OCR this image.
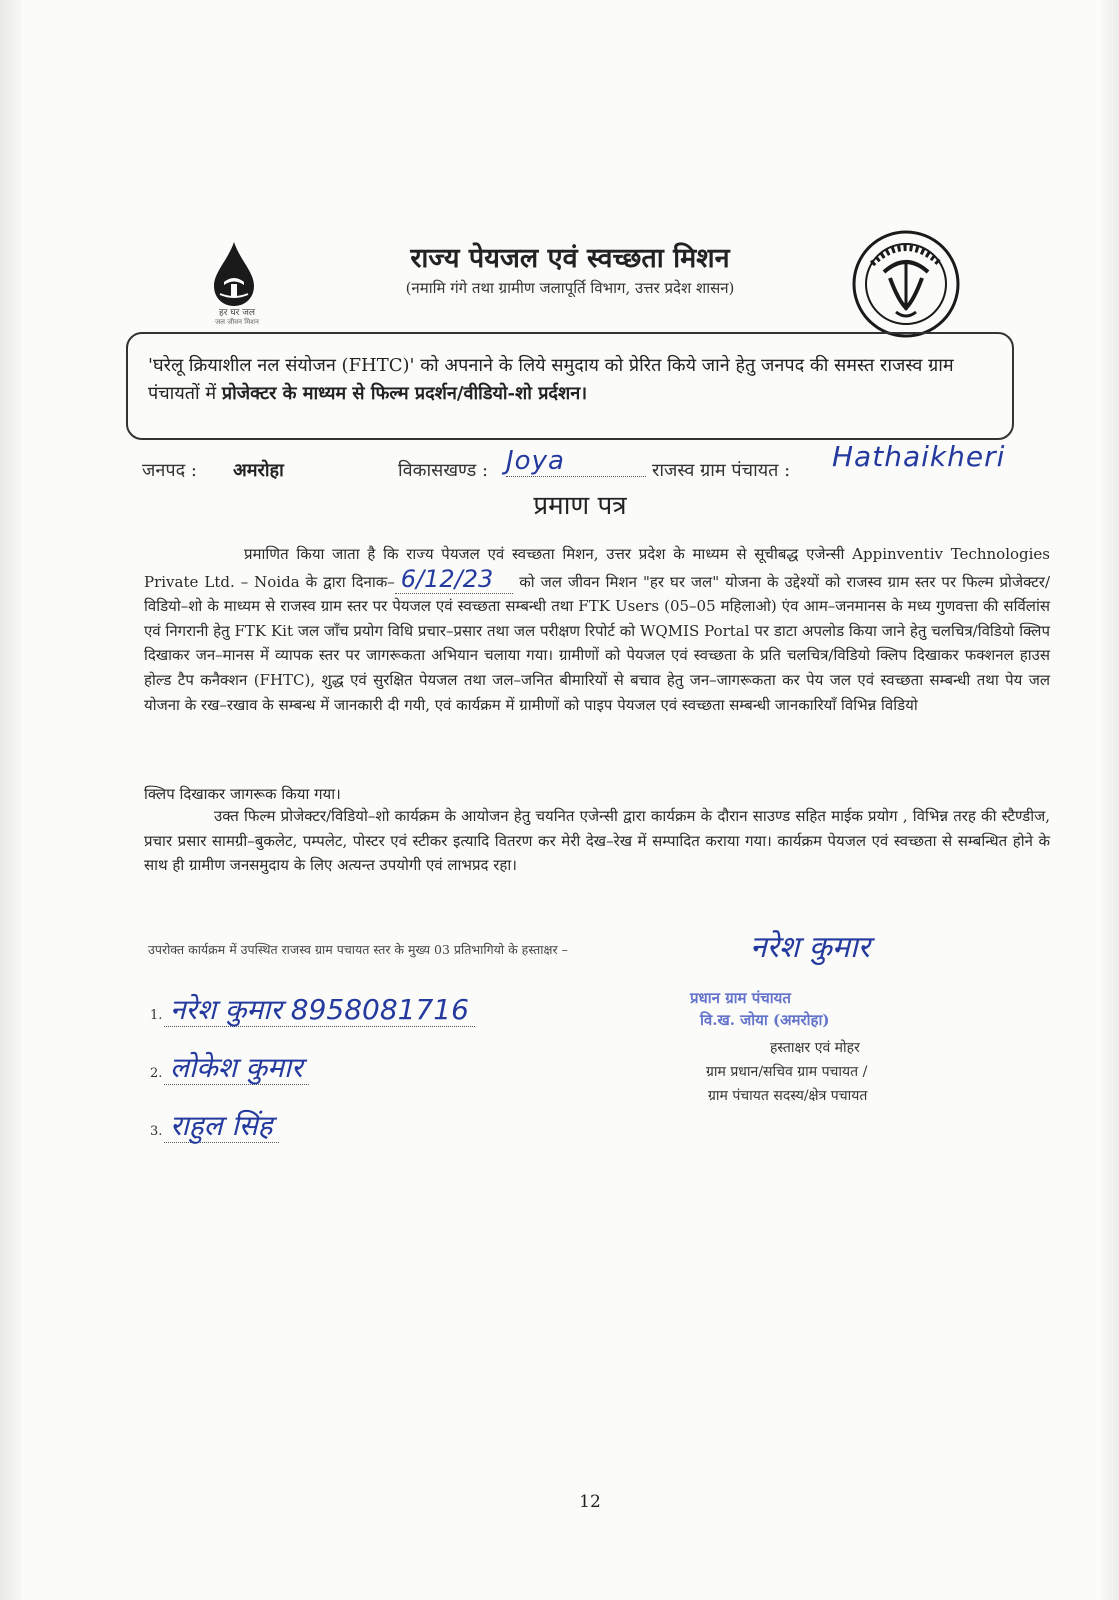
हर घर जल
जल जीवन मिशन
राज्य पेयजल एवं स्वच्छता मिशन
(नमामि गंगे तथा ग्रामीण जलापूर्ति विभाग, उत्तर प्रदेश शासन)
'घरेलू क्रियाशील नल संयोजन (FHTC)' को अपनाने के लिये समुदाय को प्रेरित किये जाने हेतु जनपद की समस्त राजस्व ग्राम पंचायतों में प्रोजेक्टर के माध्यम से फिल्म प्रदर्शन/वीडियो-शो प्रर्दशन।
जनपद : अमरोहा	विकासखण्ड : Joya	राजस्व ग्राम पंचायत : Hathaikheri
प्रमाण पत्र
प्रमाणित किया जाता है कि राज्य पेयजल एवं स्वच्छता मिशन, उत्तर प्रदेश के माध्यम से सूचीबद्ध एजेन्सी Appinventiv Technologies Private Ltd. – Noida के द्वारा दिनाक– 6/12/23 को जल जीवन मिशन "हर घर जल" योजना के उद्देश्यों को राजस्व ग्राम स्तर पर फिल्म प्रोजेक्टर/विडियो–शो के माध्यम से राजस्व ग्राम स्तर पर पेयजल एवं स्वच्छता सम्बन्धी तथा FTK Users (05–05 महिलाओ) एंव आम–जनमानस के मध्य गुणवत्ता की सर्विलांस एवं निगरानी हेतु FTK Kit जल जाँच प्रयोग विधि प्रचार–प्रसार तथा जल परीक्षण रिपोर्ट को WQMIS Portal पर डाटा अपलोड किया जाने हेतु चलचित्र/विडियो क्लिप दिखाकर जन–मानस में व्यापक स्तर पर जागरूकता अभियान चलाया गया। ग्रामीणों को पेयजल एवं स्वच्छता के प्रति चलचित्र/विडियो क्लिप दिखाकर फक्शनल हाउस होल्ड टैप कनैक्शन (FHTC), शुद्ध एवं सुरक्षित पेयजल तथा जल–जनित बीमारियों से बचाव हेतु जन–जागरूकता कर पेय जल एवं स्वच्छता सम्बन्धी तथा पेय जल योजना के रख–रखाव के सम्बन्ध में जानकारी दी गयी, एवं कार्यक्रम में ग्रामीणों को पाइप पेयजल एवं स्वच्छता सम्बन्धी जानकारियाँ विभिन्न विडियो
क्लिप दिखाकर जागरूक किया गया।
उक्त फिल्म प्रोजेक्टर/विडियो–शो कार्यक्रम के आयोजन हेतु चयनित एजेन्सी द्वारा कार्यक्रम के दौरान साउण्ड सहित माईक प्रयोग , विभिन्न तरह की स्टैण्डीज, प्रचार प्रसार सामग्री–बुकलेट, पम्पलेट, पोस्टर एवं स्टीकर इत्यादि वितरण कर मेरी देख–रेख में सम्पादित कराया गया। कार्यक्रम पेयजल एवं स्वच्छता से सम्बन्धित होने के साथ ही ग्रामीण जनसमुदाय के लिए अत्यन्त उपयोगी एवं लाभप्रद रहा।
उपरोक्त कार्यक्रम में उपस्थित राजस्व ग्राम पचायत स्तर के मुख्य 03 प्रतिभागियो के हस्ताक्षर –
1. नरेश कुमार 8958081716
2. लोकेश कुमार
3. राहुल सिंह
नरेश कुमार
प्रधान ग्राम पंचायत
वि.ख. जोया (अमरोहा)
हस्ताक्षर एवं मोहर
ग्राम प्रधान/सचिव ग्राम पचायत /
ग्राम पंचायत सदस्य/क्षेत्र पचायत
12
